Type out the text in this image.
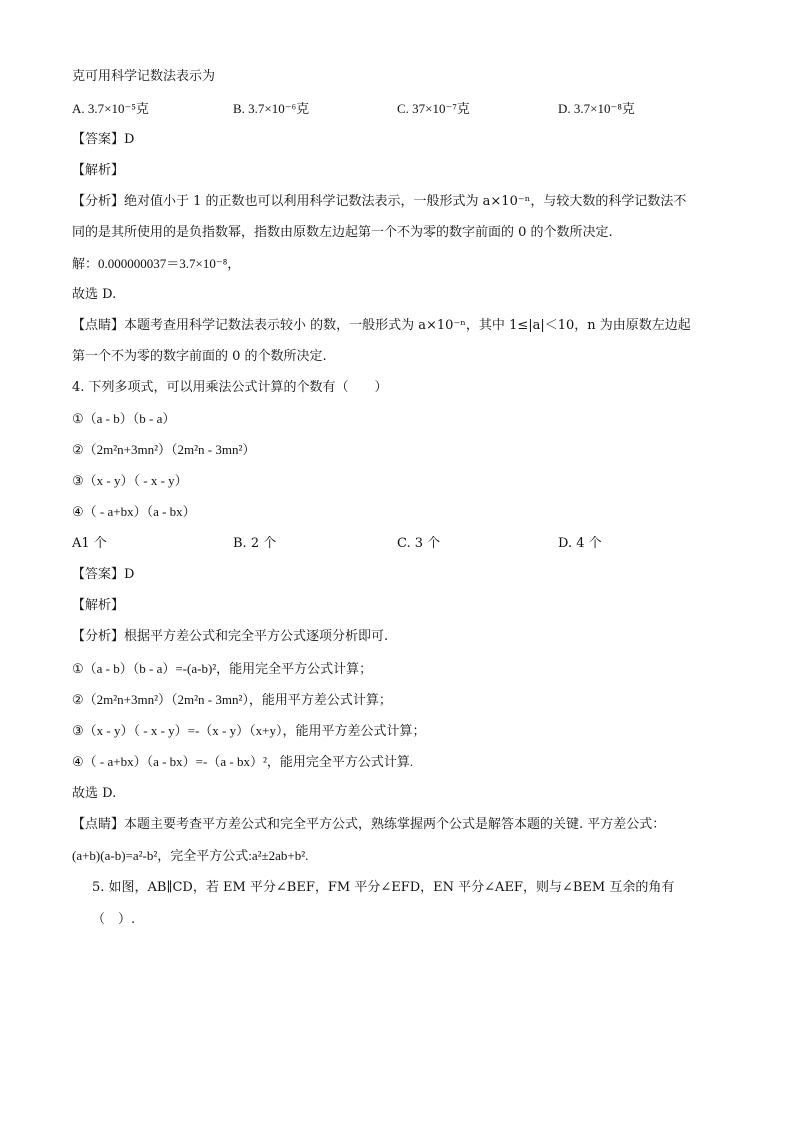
克可用科学记数法表示为
A. 3.7×10⁻⁵克	B. 3.7×10⁻⁶克	C. 37×10⁻⁷克	D. 3.7×10⁻⁸克
【答案】D
【解析】
【分析】绝对值小于 1 的正数也可以利用科学记数法表示，一般形式为 a×10⁻ⁿ，与较大数的科学记数法不
同的是其所使用的是负指数幂，指数由原数左边起第一个不为零的数字前面的 0 的个数所决定.
解：0.000000037＝3.7×10⁻⁸，
故选 D.
【点睛】本题考查用科学记数法表示较小 的数，一般形式为 a×10⁻ⁿ，其中 1≤|a|＜10，n 为由原数左边起
第一个不为零的数字前面的 0 的个数所决定.
4. 下列多项式，可以用乘法公式计算的个数有（　　）
①（a - b）（b - a）
②（2m²n+3mn²）（2m²n - 3mn²）
③（x - y）（ - x - y）
④（ - a+bx）（a - bx）
A1 个	B. 2 个	C. 3 个	D. 4 个
【答案】D
【解析】
【分析】根据平方差公式和完全平方公式逐项分析即可.
①（a - b）（b - a）=-(a-b)²，能用完全平方公式计算；
②（2m²n+3mn²）（2m²n - 3mn²），能用平方差公式计算；
③（x - y）（ - x - y）=-（x - y）（x+y），能用平方差公式计算；
④（ - a+bx）（a - bx）=-（a - bx）²，能用完全平方公式计算.
故选 D.
【点睛】本题主要考查平方差公式和完全平方公式，熟练掌握两个公式是解答本题的关键. 平方差公式：
(a+b)(a-b)=a²-b²，完全平方公式:a²±2ab+b².
5. 如图，AB∥CD，若 EM 平分∠BEF，FM 平分∠EFD，EN 平分∠AEF，则与∠BEM 互余的角有
（　）.
